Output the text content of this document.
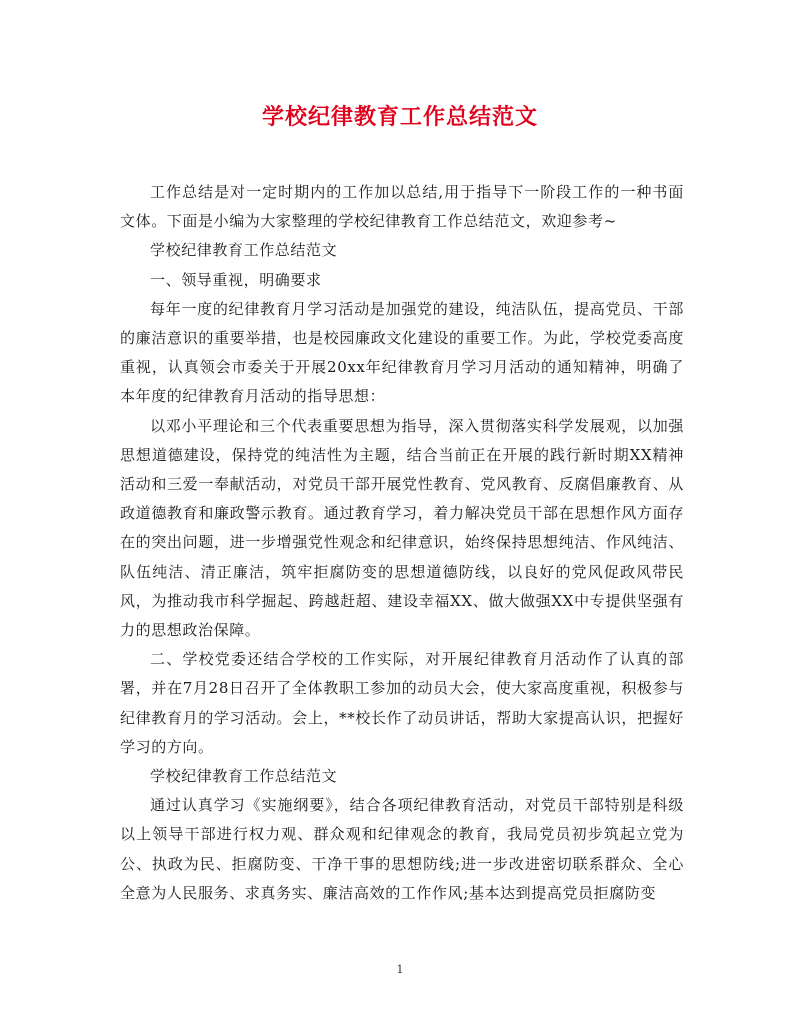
学校纪律教育工作总结范文

工作总结是对一定时期内的工作加以总结,用于指导下一阶段工作的一种书面文体。下面是小编为大家整理的学校纪律教育工作总结范文，欢迎参考~

学校纪律教育工作总结范文

一、领导重视，明确要求

每年一度的纪律教育月学习活动是加强党的建设，纯洁队伍，提高党员、干部的廉洁意识的重要举措，也是校园廉政文化建设的重要工作。为此，学校党委高度重视，认真领会市委关于开展20xx年纪律教育月学习月活动的通知精神，明确了本年度的纪律教育月活动的指导思想：

以邓小平理论和三个代表重要思想为指导，深入贯彻落实科学发展观，以加强思想道德建设，保持党的纯洁性为主题，结合当前正在开展的践行新时期XX精神活动和三爱一奉献活动，对党员干部开展党性教育、党风教育、反腐倡廉教育、从政道德教育和廉政警示教育。通过教育学习，着力解决党员干部在思想作风方面存在的突出问题，进一步增强党性观念和纪律意识，始终保持思想纯洁、作风纯洁、队伍纯洁、清正廉洁，筑牢拒腐防变的思想道德防线，以良好的党风促政风带民风，为推动我市科学掘起、跨越赶超、建设幸福XX、做大做强XX中专提供坚强有力的思想政治保障。

二、学校党委还结合学校的工作实际，对开展纪律教育月活动作了认真的部署，并在7月28日召开了全体教职工参加的动员大会，使大家高度重视，积极参与纪律教育月的学习活动。会上，**校长作了动员讲话，帮助大家提高认识，把握好学习的方向。

学校纪律教育工作总结范文

通过认真学习《实施纲要》，结合各项纪律教育活动，对党员干部特别是科级以上领导干部进行权力观、群众观和纪律观念的教育，我局党员初步筑起立党为公、执政为民、拒腐防变、干净干事的思想防线;进一步改进密切联系群众、全心全意为人民服务、求真务实、廉洁高效的工作作风;基本达到提高党员拒腐防变

1
